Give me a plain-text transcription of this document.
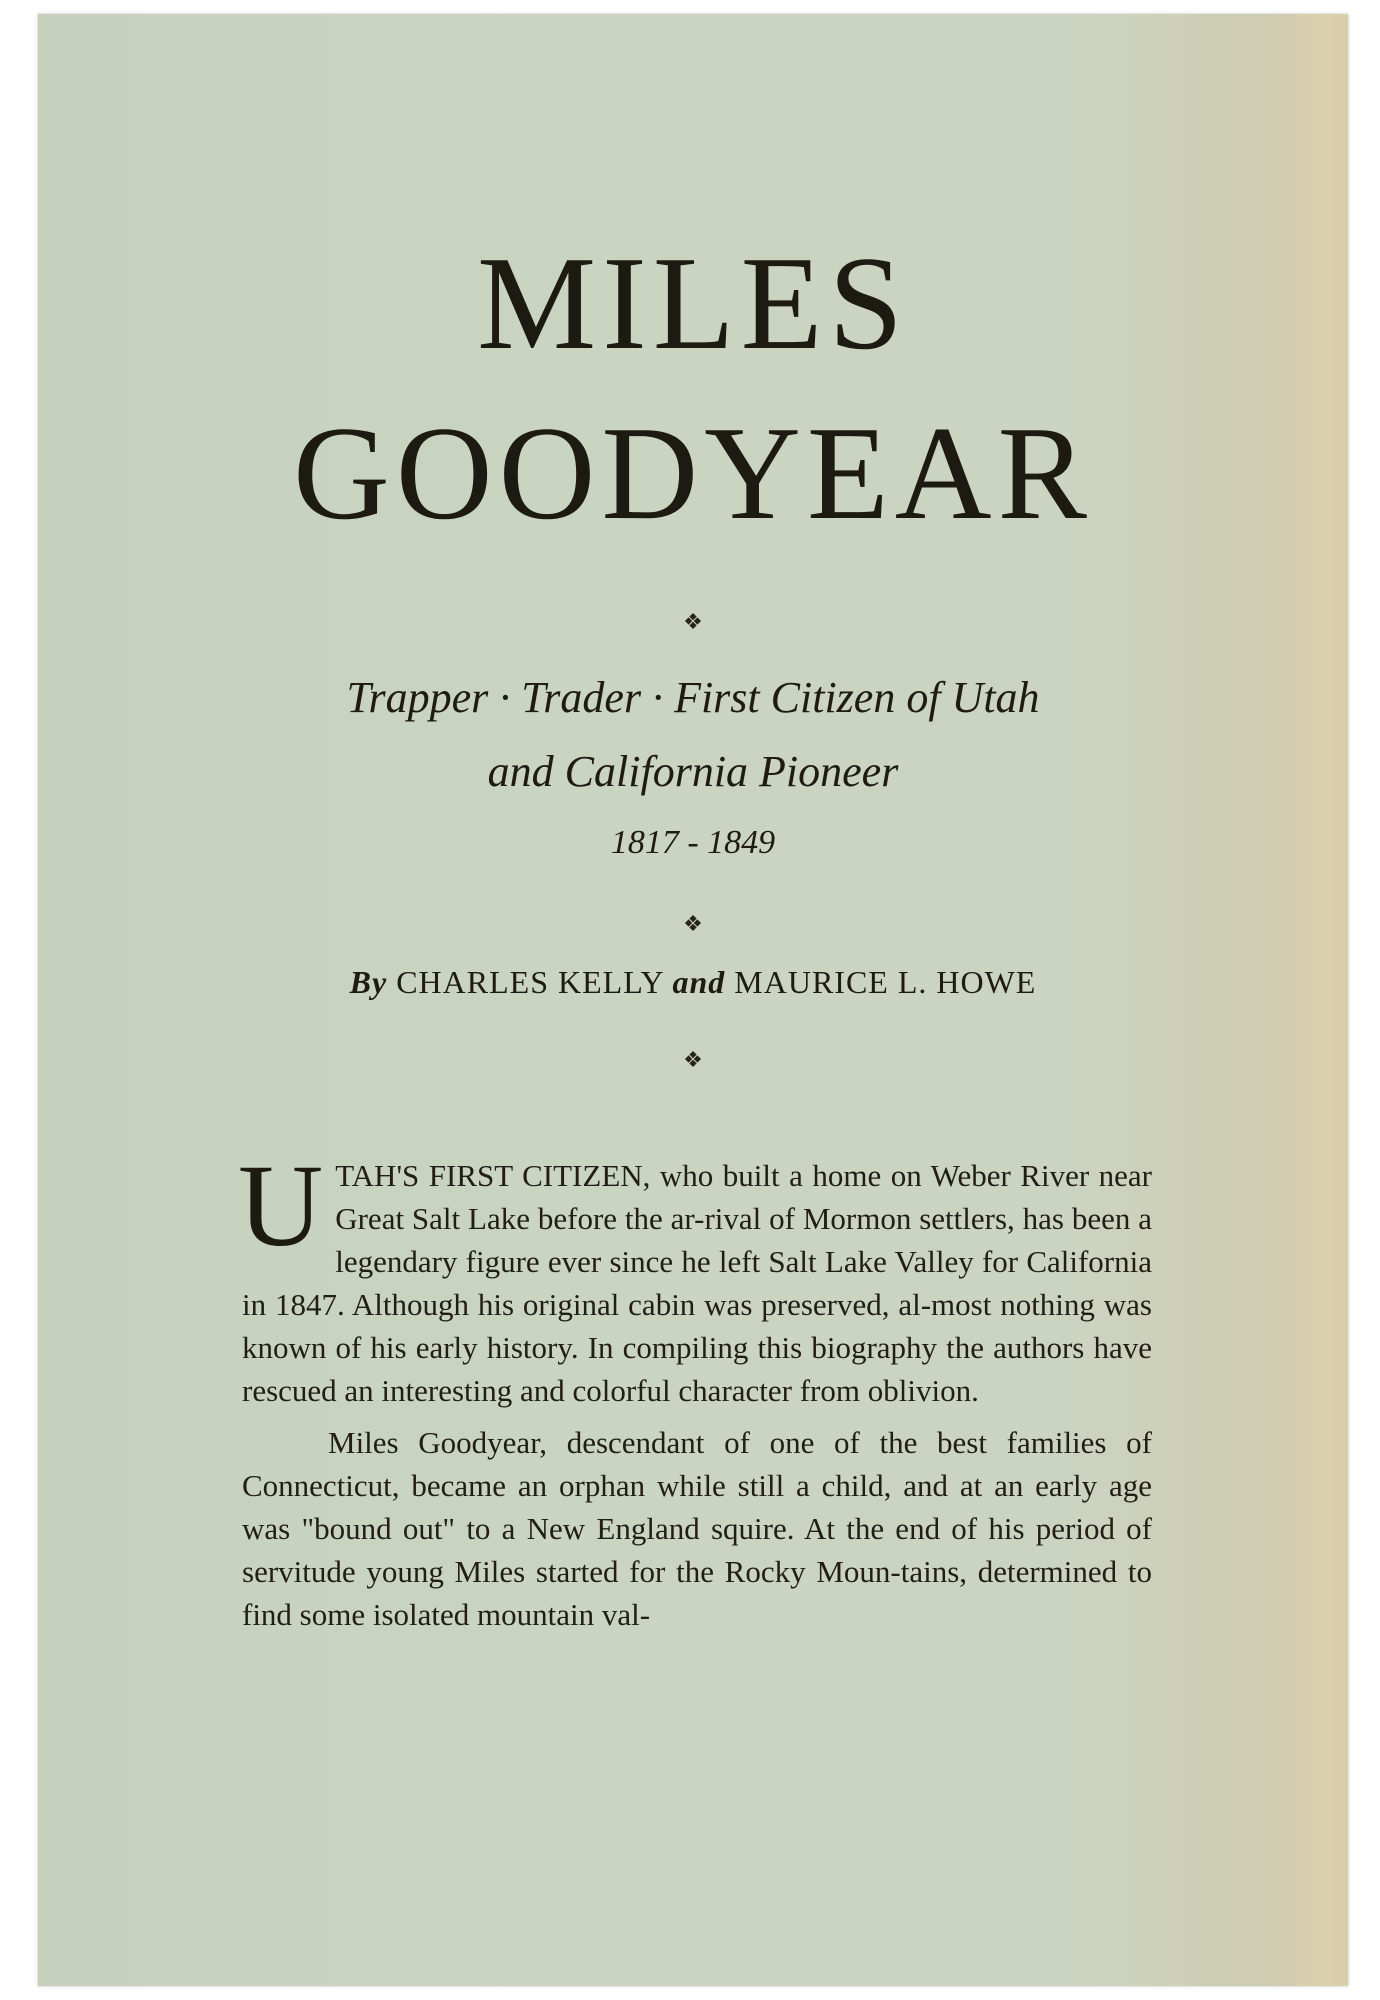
MILES
GOODYEAR
❖
Trapper · Trader · First Citizen of Utah
and California Pioneer
1817 - 1849
❖
By CHARLES KELLY and MAURICE L. HOWE
❖

UTAH'S FIRST CITIZEN, who built a home on Weber River near Great Salt Lake before the ar-rival of Mormon settlers, has been a legendary figure ever since he left Salt Lake Valley for California in 1847. Although his original cabin was preserved, al-most nothing was known of his early history. In compiling this biography the authors have rescued an interesting and colorful character from oblivion.

Miles Goodyear, descendant of one of the best families of Connecticut, became an orphan while still a child, and at an early age was "bound out" to a New England squire. At the end of his period of servitude young Miles started for the Rocky Moun-tains, determined to find some isolated mountain val-
